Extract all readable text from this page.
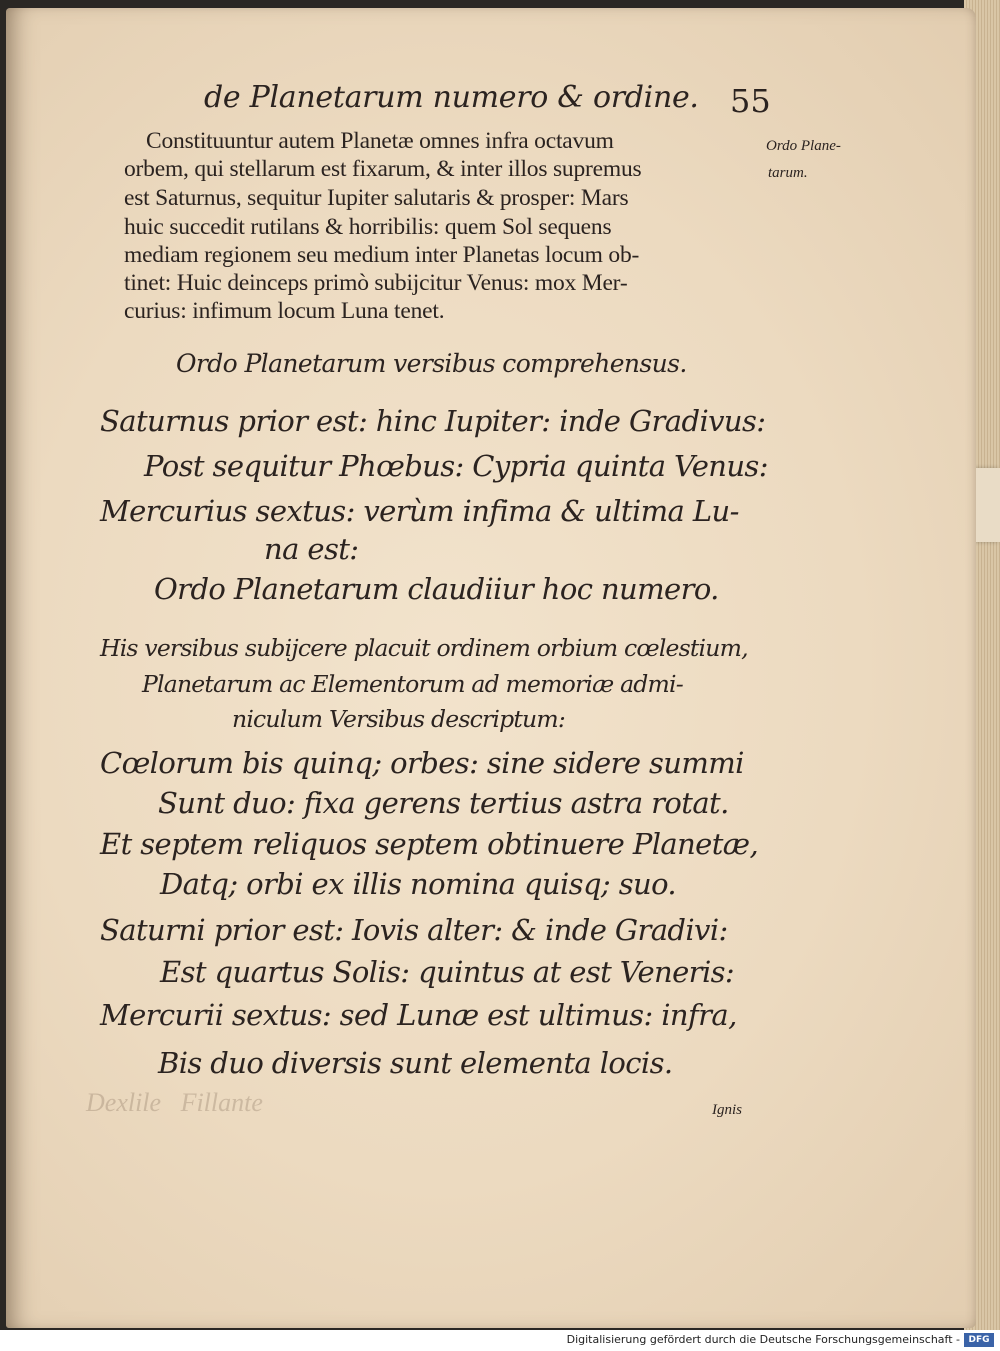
Dexlile   Fillante
de Planetarum numero & ordine. 55
Ordo Plane-
tarum.
Constituuntur autem Planetæ omnes infra octavum
orbem, qui stellarum est fixarum, & inter illos supremus
est Saturnus, sequitur Iupiter salutaris & prosper: Mars
huic succedit rutilans & horribilis: quem Sol sequens
mediam regionem seu medium inter Planetas locum ob-
tinet: Huic deinceps primò subijcitur Venus: mox Mer-
curius: infimum locum Luna tenet.
Ordo Planetarum versibus comprehensus.
Saturnus prior est: hinc Iupiter: inde Gradivus:
Post sequitur Phœbus: Cypria quinta Venus:
Mercurius sextus: verùm infima & ultima Lu-
na est:
Ordo Planetarum claudiiur hoc numero.
His versibus subijcere placuit ordinem orbium cœlestium,
Planetarum ac Elementorum ad memoriæ admi-
niculum Versibus descriptum:
Cœlorum bis quinq; orbes: sine sidere summi
Sunt duo: fixa gerens tertius astra rotat.
Et septem reliquos septem obtinuere Planetæ,
Datq; orbi ex illis nomina quisq; suo.
Saturni prior est: Iovis alter: & inde Gradivi:
Est quartus Solis: quintus at est Veneris:
Mercurii sextus: sed Lunæ est ultimus: infra,
Bis duo diversis sunt elementa locis.
Ignis
Digitalisierung gefördert durch die Deutsche Forschungsgemeinschaft - DFG
